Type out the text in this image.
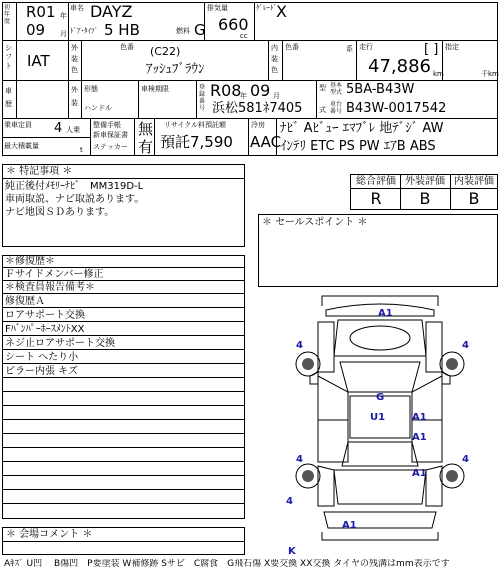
初年度
R01 年
09 月
車名 DAYZ
ﾄﾞｱ･ﾀｲﾌﾟ 5 HB	燃料 G
排気量
660
cc
ｸﾞﾚｰﾄﾞ X
シフト IAT
外装色
色番 (C22)
ｱｯｼｭﾌﾞﾗｳﾝ
内装色
色番	系 走行	[ ]
47,886 km
指定
千km
車歴
外装
形態
ハンドル
車検期限	登録番号
R08
年 09 月
浜松581ﾈ7405
型
式
基本型式 5BA-B43W
車台番号 B43W-0017542
乗車定員 4 人乗
最大積載量	t
整備手帳
新車保証書
ステッカー
無
有
リサイクル料預託額
預託7,590
冷房
AAC
ﾅﾋﾞ Aﾋﾞｭｰ ｴﾏﾌﾞﾚ 地ﾃﾞｼﾞ AW
ｲﾝﾃﾘ ETC PS PW ｴｱB ABS
＊ 特記事項 ＊
純正後付ﾒﾓﾘｰﾅﾋﾞ　MM319D-L
車両取説、ナビ取説あります。
ナビ地図ＳＤあります。
総合評価 外装評価 内装評価
R	B	B
＊ セールスポイント ＊
＊修復歴＊
Ｆサイドメンバー修正
＊検査員報告備考＊
修復歴Ａ
ロアサポート交換
FﾊﾞﾝﾊﾟｰﾎｰｽﾒﾝﾄXX
ネジ止ロアサポート交換
シート へたり小
ピラー内張 キズ
＊ 会場コメント ＊
A1
4	4
4	4
4
U1
G
A1
A1
A1
A1
K
Aｷｽﾞ U凹　 B傷凹　P要塗装 W補修跡 Sサビ　C腐食　G飛石傷 X要交換 XX交換 タイヤの残溝はmm表示です
